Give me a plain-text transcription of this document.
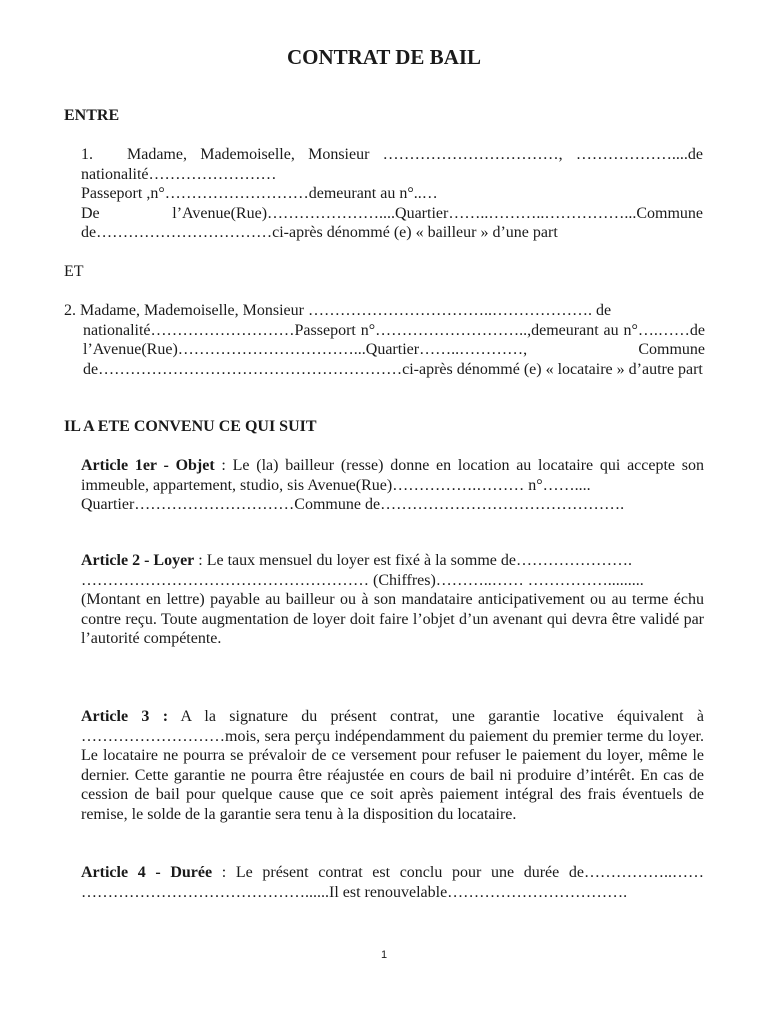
CONTRAT DE BAIL
ENTRE

1. Madame, Mademoiselle, Monsieur ……………………………, ………………....de nationalité……………………

Passeport ,n°………………………demeurant au n°..…

De l’Avenue(Rue)…………………....Quartier……..………..……………...Commune de……………………………ci-après dénommé (e) « bailleur » d’une part

ET

2. Madame, Mademoiselle, Monsieur ……………………………..………………. de

nationalité………………………Passeport n°………………………..,demeurant au n°….……de l’Avenue(Rue)……………………………...Quartier……..…………, Commune de…………………………………………………ci-après dénommé (e) « locataire » d’autre part

IL A ETE CONVENU CE QUI SUIT

Article 1er - Objet : Le (la) bailleur (resse) donne en location au locataire qui accepte son immeuble, appartement, studio, sis Avenue(Rue)…………….……… n°……....

Quartier…………………………Commune de……………………………………….

Article 2 - Loyer : Le taux mensuel du loyer est fixé à la somme de………………….

……………………………………………… (Chiffres)………..…… …………….........

(Montant en lettre) payable au bailleur ou à son mandataire anticipativement ou au terme échu contre reçu. Toute augmentation de loyer doit faire l’objet d’un avenant qui devra être validé par l’autorité compétente.

Article 3 : A la signature du présent contrat, une garantie locative équivalent à ………………………mois, sera perçu indépendamment du paiement du premier terme du loyer. Le locataire ne pourra se prévaloir de ce versement pour refuser le paiement du loyer, même le dernier. Cette garantie ne pourra être réajustée en cours de bail ni produire d’intérêt. En cas de cession de bail pour quelque cause que ce soit après paiement intégral des frais éventuels de remise, le solde de la garantie sera tenu à la disposition du locataire.

Article 4 - Durée : Le présent contrat est conclu pour une durée de……………..…… ……………………………………......Il est renouvelable…………………………….

1
